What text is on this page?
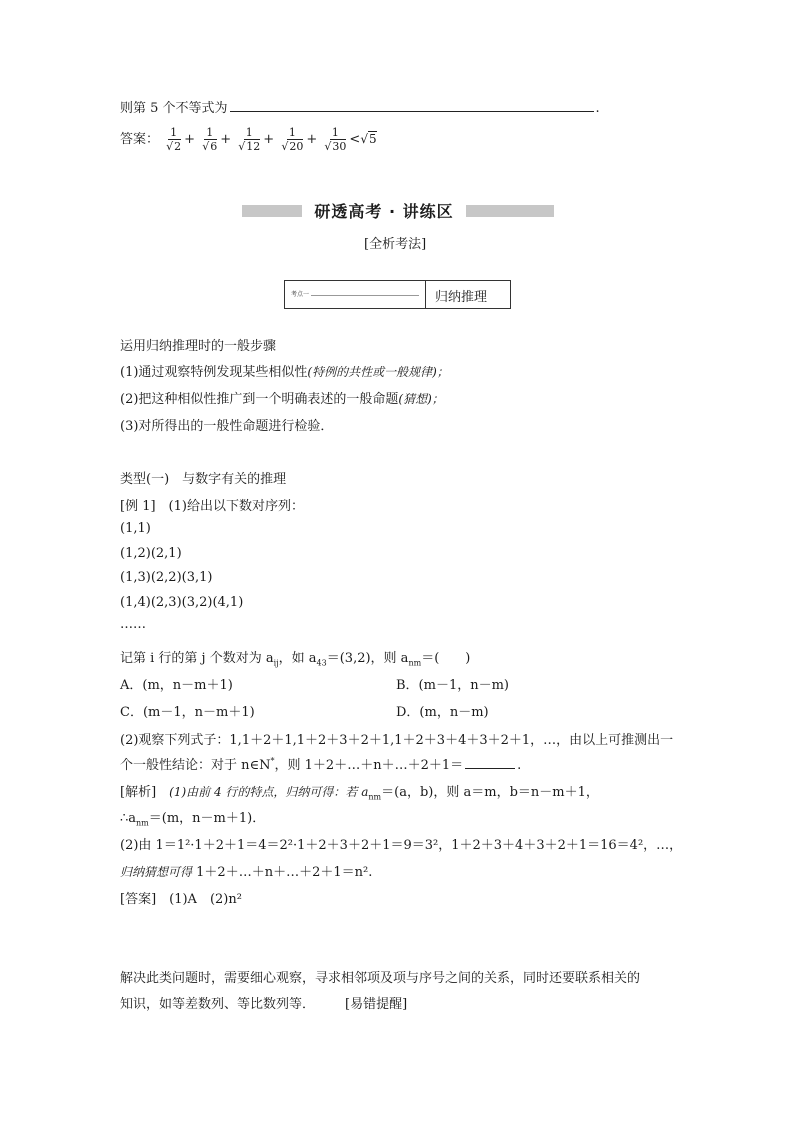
则第 5 个不等式为	.
答案： $\frac{1}{√2} + \frac{1}{√6} + \frac{1}{√12} + \frac{1}{√20} + \frac{1}{√30} <√5$
研透高考 · 讲练区
[全析考法]
考点一	归纳推理
运用归纳推理时的一般步骤
(1)通过观察特例发现某些相似性(特例的共性或一般规律)；
(2)把这种相似性推广到一个明确表述的一般命题(猜想)；
(3)对所得出的一般性命题进行检验．
类型(一)　与数字有关的推理
[例 1]　(1)给出以下数对序列：
(1,1)
(1,2)(2,1)
(1,3)(2,2)(3,1)
(1,4)(2,3)(3,2)(4,1)
……
记第 i 行的第 j 个数对为 $a_{ij}$，如 $a_{43}=(3,2)$，则 $a_{nm}=$(　　)
A．(m，n－m＋1)	B．(m－1，n－m)
C．(m－1，n－m＋1)	D．(m，n－m)
(2)观察下列式子：1,1＋2＋1,1＋2＋3＋2＋1,1＋2＋3＋4＋3＋2＋1，…，由以上可推测出一
个一般性结论：对于 n∈N*，则 1＋2＋…＋n＋…＋2＋1＝	.
[解析]　 (1)由前 4 行的特点，归纳可得：若 $a_{nm}=(a$，b)，则 a＝m，b＝n－m＋1，
$\therefore a_{nm}=(m$，n－m＋1)．
(2)由 1＝1²·1＋2＋1＝4＝2²·1＋2＋3＋2＋1＝9＝3²，1＋2＋3＋4＋3＋2＋1＝16＝4²，…，
归纳猜想可得 1＋2＋…＋n＋…＋2＋1＝n².
[答案]　(1)A　(2)n²
解决此类问题时，需要细心观察，寻求相邻项及项与序号之间的关系，同时还要联系相关的
知识，如等差数列、等比数列等． [易错提醒]
